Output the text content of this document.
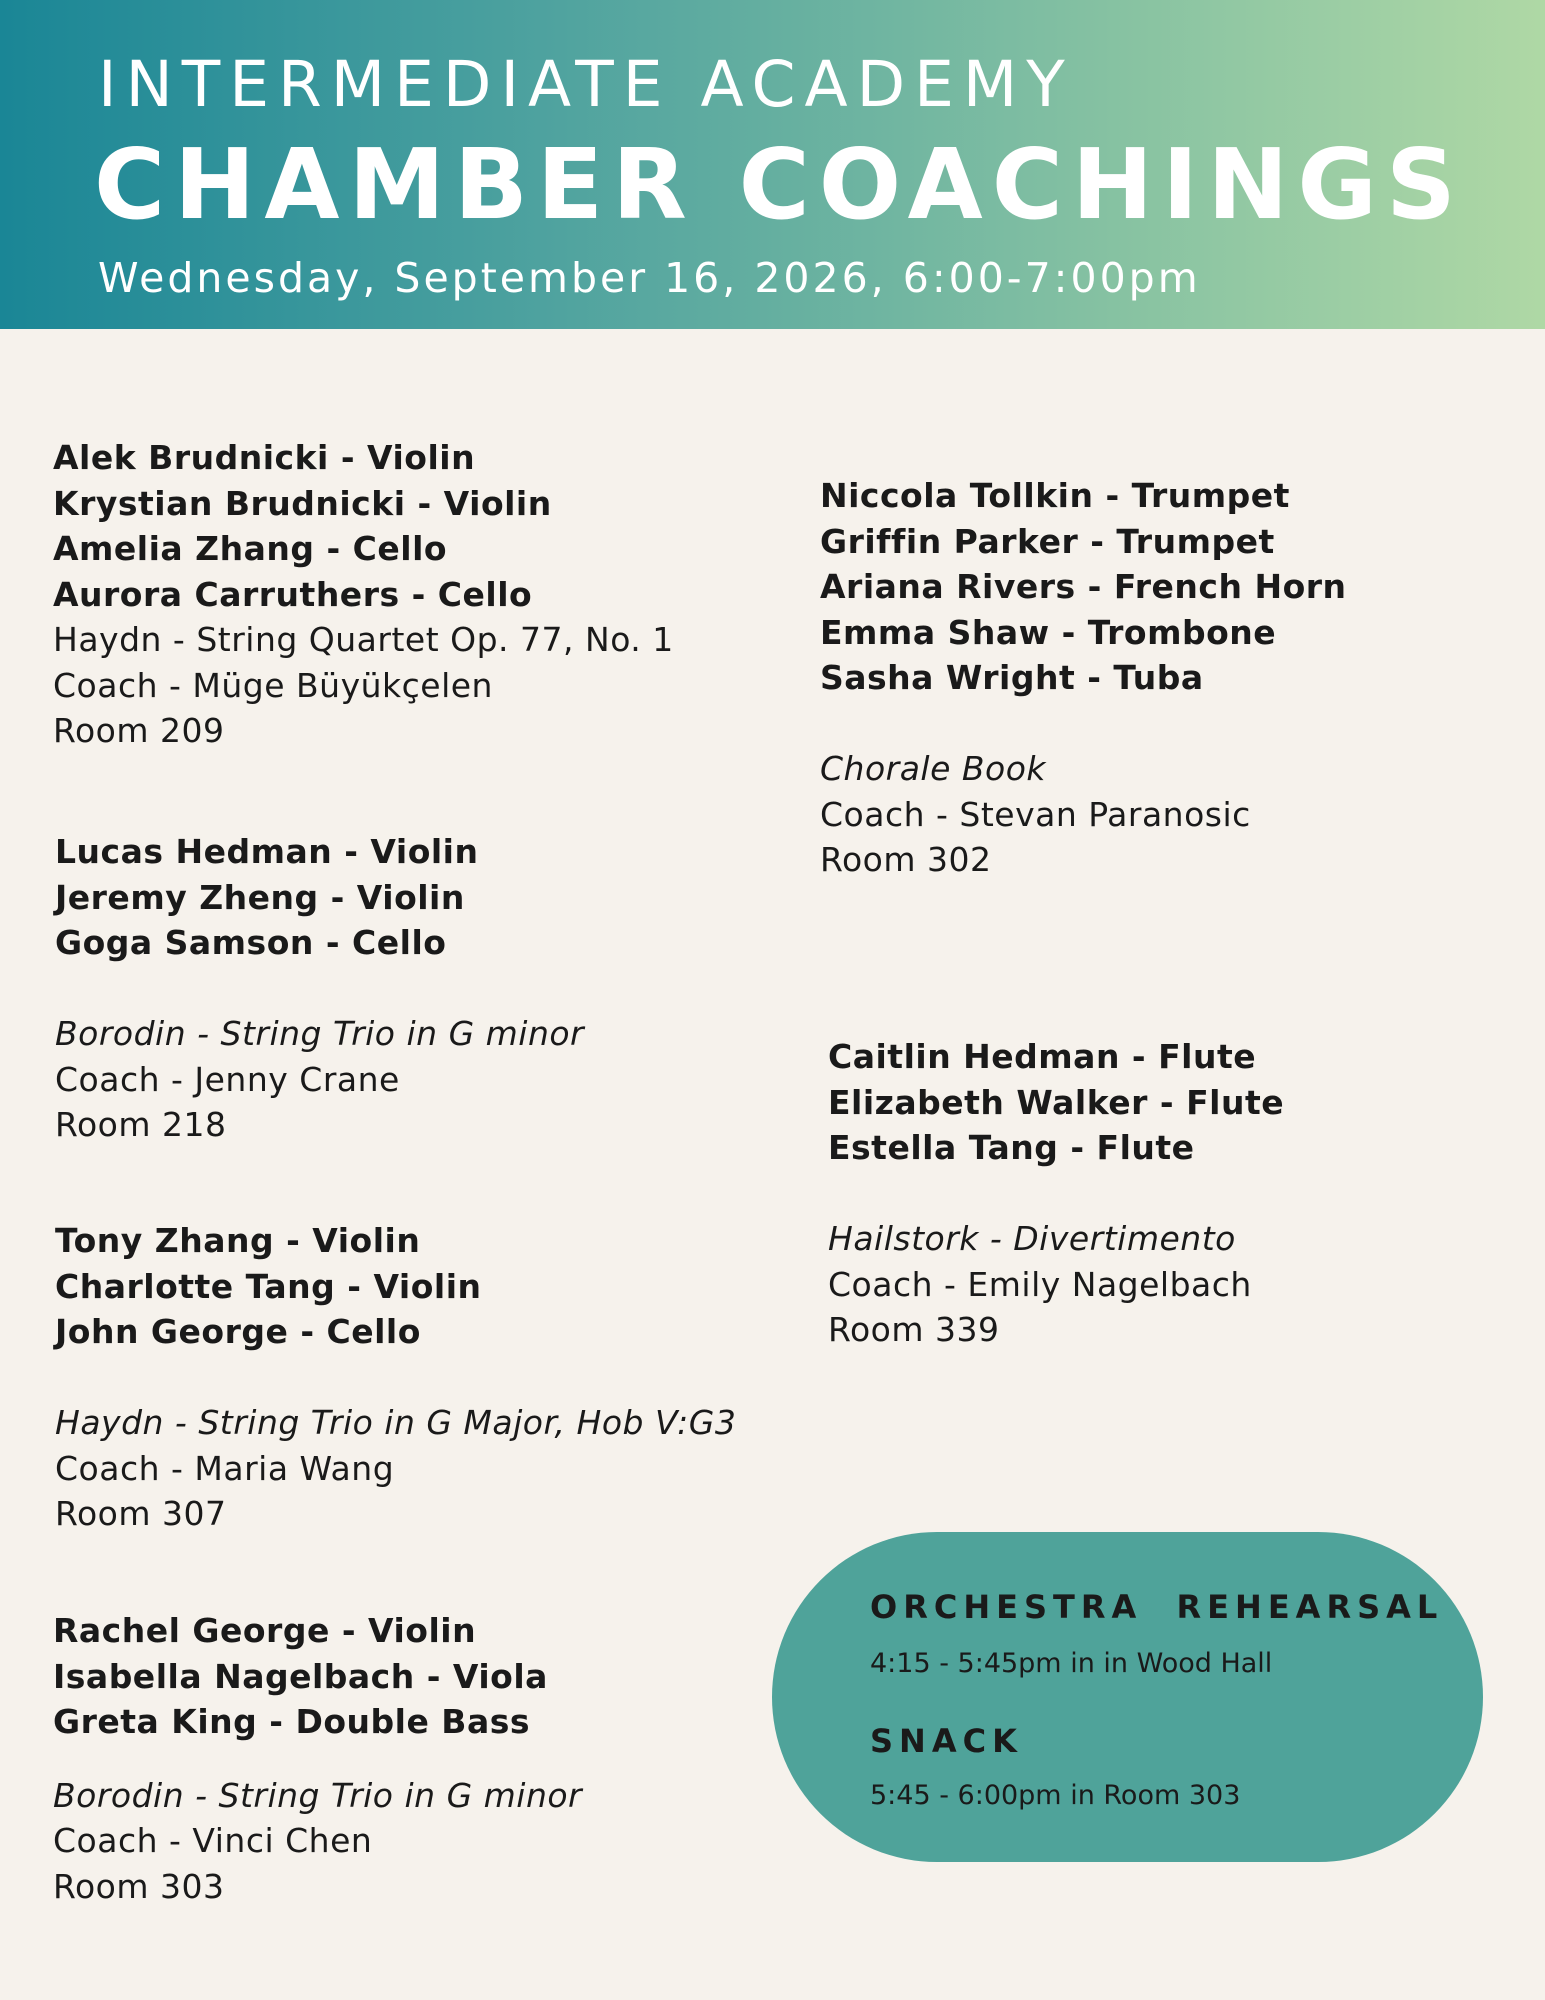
INTERMEDIATE ACADEMY
CHAMBER COACHINGS
Wednesday, September 16, 2026, 6:00-7:00pm
Alek Brudnicki - Violin
Krystian Brudnicki - Violin
Amelia Zhang - Cello
Aurora Carruthers - Cello
Haydn - String Quartet Op. 77, No. 1
Coach - Müge Büyükçelen
Room 209
Lucas Hedman - Violin
Jeremy Zheng - Violin
Goga Samson - Cello
Borodin - String Trio in G minor
Coach - Jenny Crane
Room 218
Tony Zhang - Violin
Charlotte Tang - Violin
John George - Cello
Haydn - String Trio in G Major, Hob V:G3
Coach - Maria Wang
Room 307
Rachel George - Violin
Isabella Nagelbach - Viola
Greta King - Double Bass
Borodin - String Trio in G minor
Coach - Vinci Chen
Room 303
Niccola Tollkin - Trumpet
Griffin Parker - Trumpet
Ariana Rivers - French Horn
Emma Shaw - Trombone
Sasha Wright - Tuba
Chorale Book
Coach - Stevan Paranosic
Room 302
Caitlin Hedman - Flute
Elizabeth Walker - Flute
Estella Tang - Flute
Hailstork - Divertimento
Coach - Emily Nagelbach
Room 339
ORCHESTRA  REHEARSAL
4:15 - 5:45pm in in Wood Hall
SNACK
5:45 - 6:00pm in Room 303
